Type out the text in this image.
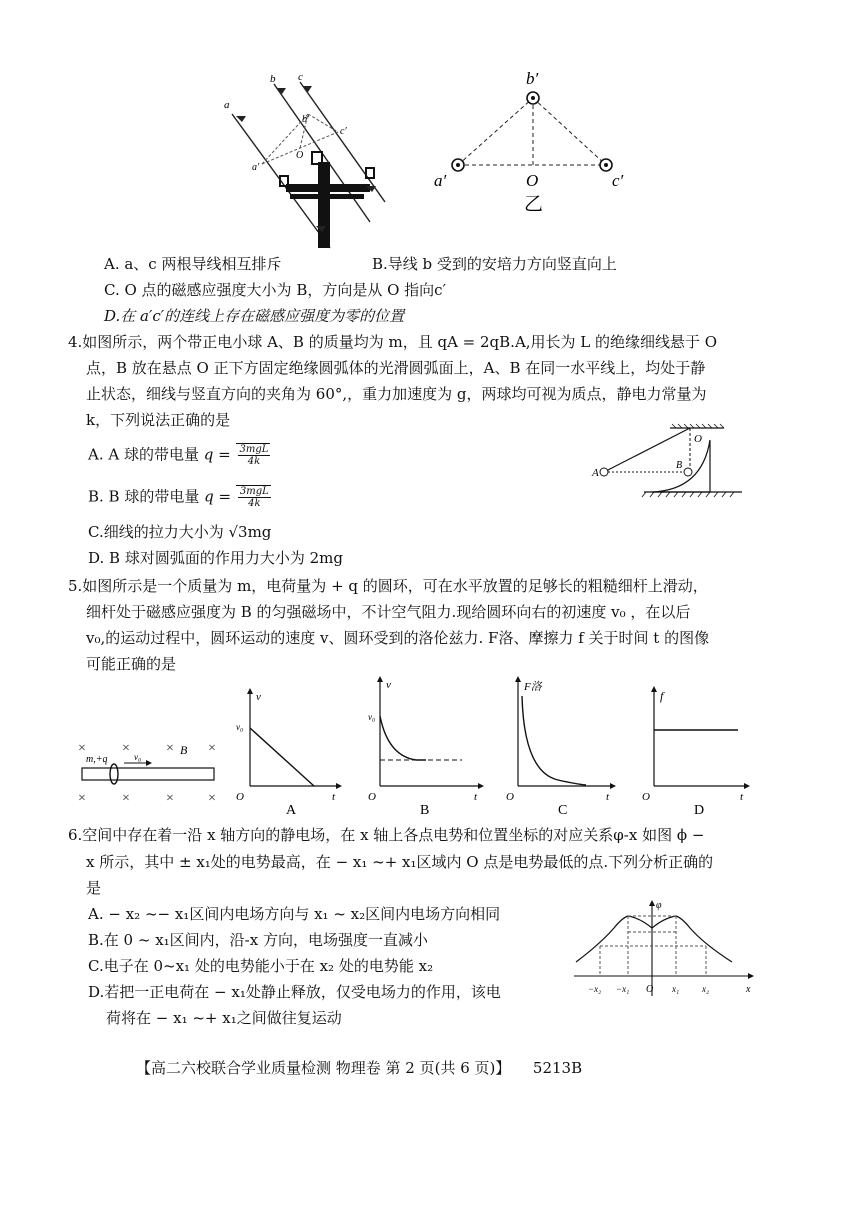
a
b c
b′
c′
a′
O
b′
a′	c′
O
乙
A. a、c 两根导线相互排斥	B.导线 b 受到的安培力方向竖直向上
C. O 点的磁感应强度大小为 B，方向是从 O 指向c′
D.在 a′c′的连线上存在磁感应强度为零的位置
4.如图所示，两个带正电小球 A、B 的质量均为 m，且 qA = 2qB.A,用长为 L 的绝缘细线悬于 O
点，B 放在悬点 O 正下方固定绝缘圆弧体的光滑圆弧面上，A、B 在同一水平线上，均处于静
止状态，细线与竖直方向的夹角为 60°,，重力加速度为 g，两球均可视为质点，静电力常量为
k，下列说法正确的是
A. A 球的带电量 $q = \frac{\text{3mgL}}{4k}$
B. B 球的带电量 $q = \frac{\text{3mgL}}{4k}$
C.细线的拉力大小为 √3mg
D. B 球对圆弧面的作用力大小为 2mg
O
A
B
5.如图所示是一个质量为 m，电荷量为 + q 的圆环，可在水平放置的足够长的粗糙细杆上滑动，
细杆处于磁感应强度为 B 的匀强磁场中，不计空气阻力.现给圆环向右的初速度 v₀ ，在以后
v₀,的运动过程中，圆环运动的速度 v、圆环受到的洛伦兹力. F洛、摩擦力 f 关于时间 t 的图像
可能正确的是
×	×	× ×
×	×	× ×
m,+q	v₀	B
v
v₀
O	t
A
v
v₀
O	t
B
F洛
O	t
C
f
O	t
D
6.空间中存在着一沿 x 轴方向的静电场，在 x 轴上各点电势和位置坐标的对应关系φ-x 如图 ϕ −
x 所示，其中 ± x₁处的电势最高，在 − x₁ ~+ x₁区域内 O 点是电势最低的点.下列分析正确的
是
A. − x₂ ~− x₁区间内电场方向与 x₁ ~ x₂区间内电场方向相同
B.在 0 ~ x₁区间内，沿-x 方向，电场强度一直减小
C.电子在 0~x₁ 处的电势能小于在 x₂ 处的电势能 x₂
D.若把一正电荷在 − x₁处静止释放，仅受电场力的作用，该电
荷将在 − x₁ ~+ x₁之间做往复运动
φ
x
O
−x₂ −x₁	x₁	x₂
【高二六校联合学业质量检测 物理卷 第 2 页(共 6 页)】　　5213B
